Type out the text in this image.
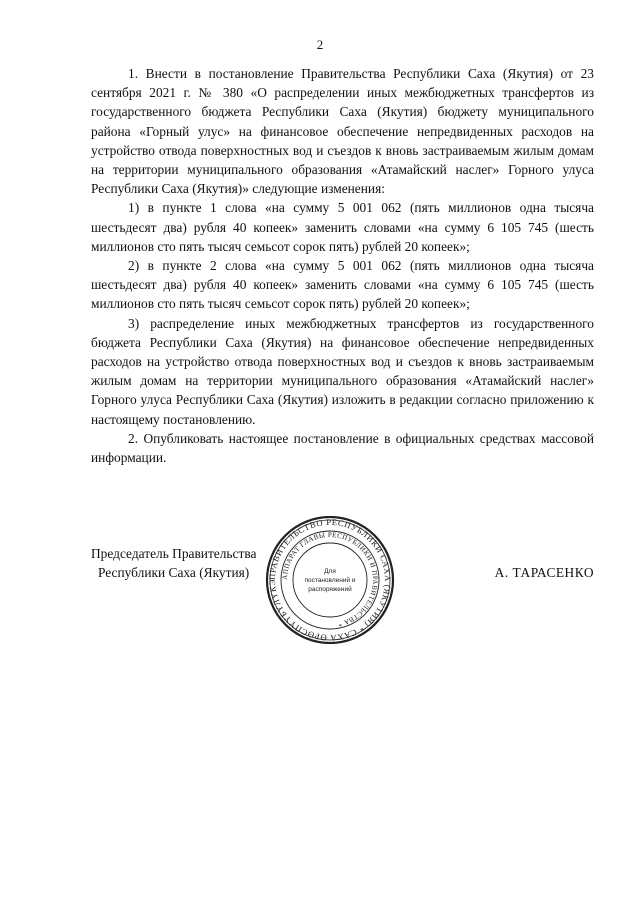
2

1. Внести в постановление Правительства Республики Саха (Якутия) от 23 сентября 2021 г. № 380 «О распределении иных межбюджетных трансфертов из государственного бюджета Республики Саха (Якутия) бюджету муниципального района «Горный улус» на финансовое обеспечение непредвиденных расходов на устройство отвода поверхностных вод и съездов к вновь застраиваемым жилым домам на территории муниципального образования «Атамайский наслег» Горного улуса Республики Саха (Якутия)» следующие изменения:

1) в пункте 1 слова «на сумму 5 001 062 (пять миллионов одна тысяча шестьдесят два) рубля 40 копеек» заменить словами «на сумму 6 105 745 (шесть миллионов сто пять тысяч семьсот сорок пять) рублей 20 копеек»;

2) в пункте 2 слова «на сумму 5 001 062 (пять миллионов одна тысяча шестьдесят два) рубля 40 копеек» заменить словами «на сумму 6 105 745 (шесть миллионов сто пять тысяч семьсот сорок пять) рублей 20 копеек»;

3) распределение иных межбюджетных трансфертов из государственного бюджета Республики Саха (Якутия) на финансовое обеспечение непредвиденных расходов на устройство отвода поверхностных вод и съездов к вновь застраиваемым жилым домам на территории муниципального образования «Атамайский наслег» Горного улуса Республики Саха (Якутия) изложить в редакции согласно приложению к настоящему постановлению.

2. Опубликовать настоящее постановление в официальных средствах массовой информации.

Председатель Правительства
Республики Саха (Якутия)	А. ТАРАСЕНКО
ПРАВИТЕЛЬСТВО РЕСПУБЛИКИ САХА (ЯКУТИЯ) * САХА ӨРӨСПҮҮБҮЛҮКЭ
АППАРАТ ГЛАВЫ РЕСПУБЛИКИ И ПРАВИТЕЛЬСТВА *
Для
постановлений и
распоряжений
